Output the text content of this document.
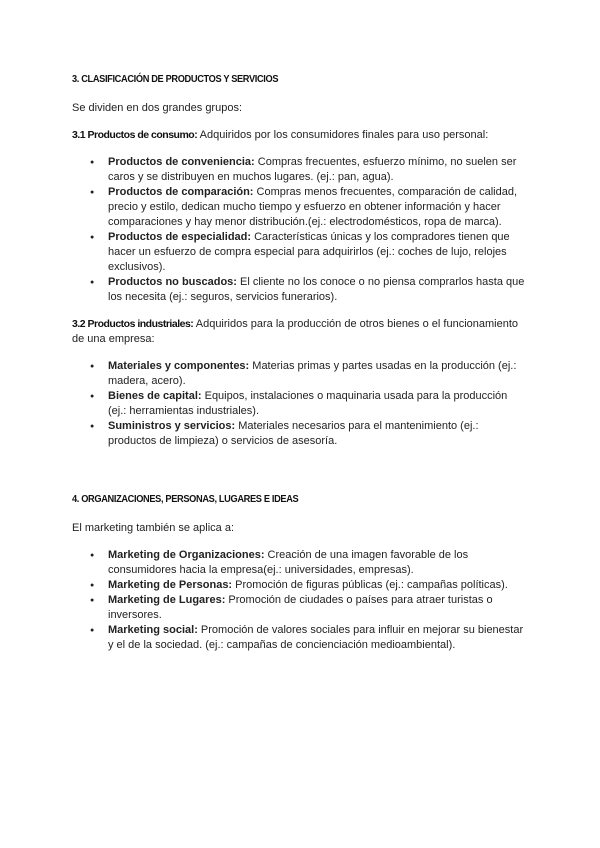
3. CLASIFICACIÓN DE PRODUCTOS Y SERVICIOS

Se dividen en dos grandes grupos:

3.1 Productos de consumo: Adquiridos por los consumidores finales para uso personal:

● Productos de conveniencia: Compras frecuentes, esfuerzo mínimo, no suelen ser caros y se distribuyen en muchos lugares. (ej.: pan, agua).
● Productos de comparación: Compras menos frecuentes, comparación de calidad, precio y estilo, dedican mucho tiempo y esfuerzo en obtener información y hacer comparaciones y hay menor distribución.(ej.: electrodomésticos, ropa de marca).
● Productos de especialidad: Características únicas y los compradores tienen que hacer un esfuerzo de compra especial para adquirirlos (ej.: coches de lujo, relojes exclusivos).
● Productos no buscados: El cliente no los conoce o no piensa comprarlos hasta que los necesita (ej.: seguros, servicios funerarios).

3.2 Productos industriales: Adquiridos para la producción de otros bienes o el funcionamiento de una empresa:

● Materiales y componentes: Materias primas y partes usadas en la producción (ej.: madera, acero).
● Bienes de capital: Equipos, instalaciones o maquinaria usada para la producción (ej.: herramientas industriales).
● Suministros y servicios: Materiales necesarios para el mantenimiento (ej.: productos de limpieza) o servicios de asesoría.

4. ORGANIZACIONES, PERSONAS, LUGARES E IDEAS

El marketing también se aplica a:

● Marketing de Organizaciones: Creación de una imagen favorable de los consumidores hacia la empresa(ej.: universidades, empresas).
● Marketing de Personas: Promoción de figuras públicas (ej.: campañas políticas).
● Marketing de Lugares: Promoción de ciudades o países para atraer turistas o inversores.
● Marketing social: Promoción de valores sociales para influir en mejorar su bienestar y el de la sociedad. (ej.: campañas de concienciación medioambiental).
